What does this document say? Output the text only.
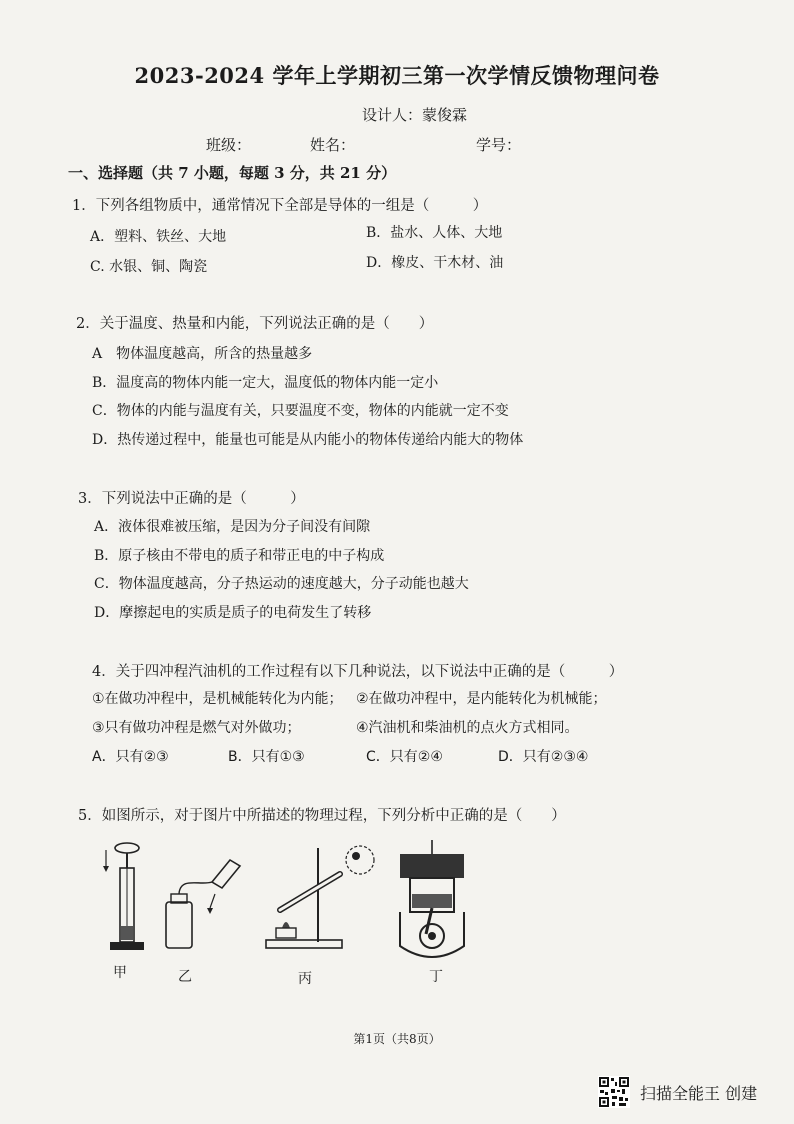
2023-2024 学年上学期初三第一次学情反馈物理问卷
设计人：蒙俊霖
班级：	姓名：	学号：
一、选择题（共 7 小题，每题 3 分，共 21 分）
1．下列各组物质中，通常情况下全部是导体的一组是（　　　）
A．塑料、铁丝、大地	B．盐水、人体、大地
C. 水银、铜、陶瓷	D．橡皮、干木材、油
2．关于温度、热量和内能，下列说法正确的是（　　）
A　物体温度越高，所含的热量越多
B．温度高的物体内能一定大，温度低的物体内能一定小
C．物体的内能与温度有关，只要温度不变，物体的内能就一定不变
D．热传递过程中，能量也可能是从内能小的物体传递给内能大的物体
3．下列说法中正确的是（　　　）
A．液体很难被压缩，是因为分子间没有间隙
B．原子核由不带电的质子和带正电的中子构成
C．物体温度越高，分子热运动的速度越大，分子动能也越大
D．摩擦起电的实质是质子的电荷发生了转移
4．关于四冲程汽油机的工作过程有以下几种说法，以下说法中正确的是（　　　）
①在做功冲程中，是机械能转化为内能； ②在做功冲程中，是内能转化为机械能；
③只有做功冲程是燃气对外做功；	④汽油机和柴油机的点火方式相同。
A．只有②③	B．只有①③	C．只有②④	D．只有②③④
5．如图所示，对于图片中所描述的物理过程，下列分析中正确的是（　　）
甲	乙	丙	丁
第1页（共8页）
扫描全能王 创建
